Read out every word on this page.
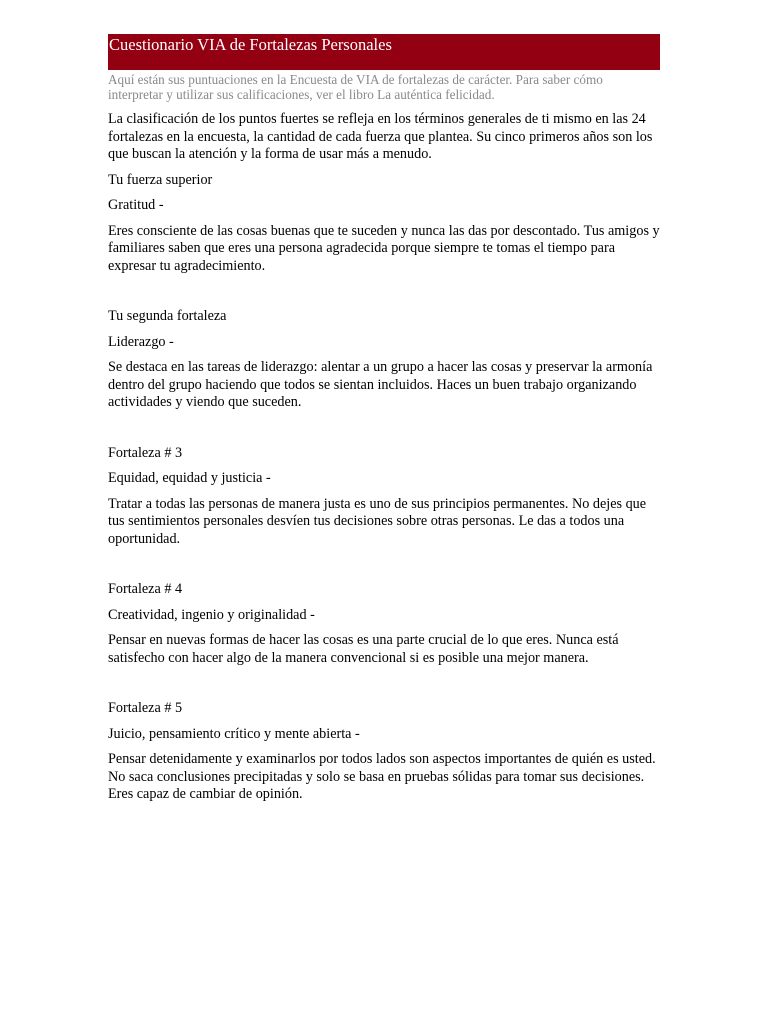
Cuestionario VIA de Fortalezas Personales
Aquí están sus puntuaciones en la Encuesta de VIA de fortalezas de carácter. Para saber cómo interpretar y utilizar sus calificaciones, ver el libro La auténtica felicidad.

La clasificación de los puntos fuertes se refleja en los términos generales de ti mismo en las 24 fortalezas en la encuesta, la cantidad de cada fuerza que plantea. Su cinco primeros años son los que buscan la atención y la forma de usar más a menudo.

Tu fuerza superior

Gratitud -

Eres consciente de las cosas buenas que te suceden y nunca las das por descontado. Tus amigos y familiares saben que eres una persona agradecida porque siempre te tomas el tiempo para expresar tu agradecimiento.

Tu segunda fortaleza

Liderazgo -

Se destaca en las tareas de liderazgo: alentar a un grupo a hacer las cosas y preservar la armonía dentro del grupo haciendo que todos se sientan incluidos. Haces un buen trabajo organizando actividades y viendo que suceden.

Fortaleza # 3

Equidad, equidad y justicia -

Tratar a todas las personas de manera justa es uno de sus principios permanentes. No dejes que tus sentimientos personales desvíen tus decisiones sobre otras personas. Le das a todos una oportunidad.

Fortaleza # 4

Creatividad, ingenio y originalidad -

Pensar en nuevas formas de hacer las cosas es una parte crucial de lo que eres. Nunca está satisfecho con hacer algo de la manera convencional si es posible una mejor manera.

Fortaleza # 5

Juicio, pensamiento crítico y mente abierta -

Pensar detenidamente y examinarlos por todos lados son aspectos importantes de quién es usted. No saca conclusiones precipitadas y solo se basa en pruebas sólidas para tomar sus decisiones. Eres capaz de cambiar de opinión.
